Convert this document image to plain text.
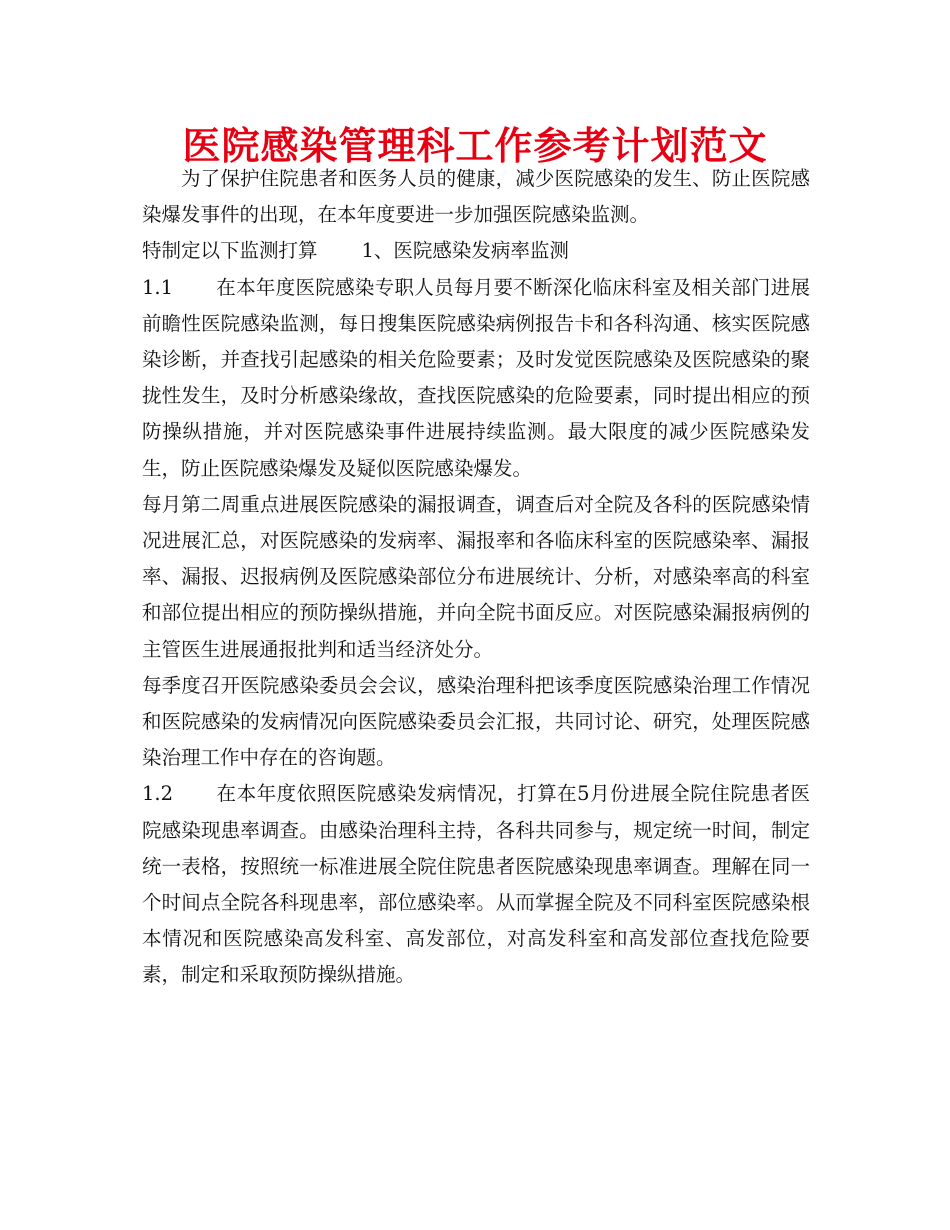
医院感染管理科工作参考计划范文

为了保护住院患者和医务人员的健康，减少医院感染的发生、防止医院感染爆发事件的出现，在本年度要进一步加强医院感染监测。

特制定以下监测打算 1、医院感染发病率监测

1.1 在本年度医院感染专职人员每月要不断深化临床科室及相关部门进展前瞻性医院感染监测，每日搜集医院感染病例报告卡和各科沟通、核实医院感染诊断，并查找引起感染的相关危险要素；及时发觉医院感染及医院感染的聚拢性发生，及时分析感染缘故，查找医院感染的危险要素，同时提出相应的预防操纵措施，并对医院感染事件进展持续监测。最大限度的减少医院感染发生，防止医院感染爆发及疑似医院感染爆发。

每月第二周重点进展医院感染的漏报调查，调查后对全院及各科的医院感染情况进展汇总，对医院感染的发病率、漏报率和各临床科室的医院感染率、漏报率、漏报、迟报病例及医院感染部位分布进展统计、分析，对感染率高的科室和部位提出相应的预防操纵措施，并向全院书面反应。对医院感染漏报病例的主管医生进展通报批判和适当经济处分。

每季度召开医院感染委员会会议，感染治理科把该季度医院感染治理工作情况和医院感染的发病情况向医院感染委员会汇报，共同讨论、研究，处理医院感染治理工作中存在的咨询题。

1.2 在本年度依照医院感染发病情况，打算在5月份进展全院住院患者医院感染现患率调查。由感染治理科主持，各科共同参与，规定统一时间，制定统一表格，按照统一标准进展全院住院患者医院感染现患率调查。理解在同一个时间点全院各科现患率，部位感染率。从而掌握全院及不同科室医院感染根本情况和医院感染高发科室、高发部位，对高发科室和高发部位查找危险要素，制定和采取预防操纵措施。
